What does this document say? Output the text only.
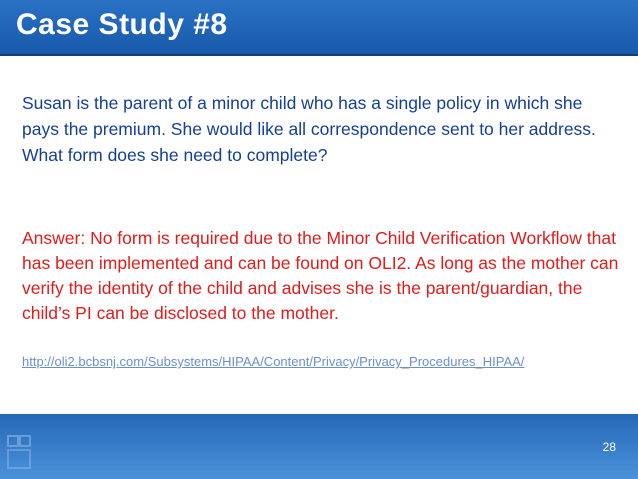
Case Study #8

Susan is the parent of a minor child who has a single policy in which she pays the premium. She would like all correspondence sent to her address. What form does she need to complete?

Answer: No form is required due to the Minor Child Verification Workflow that has been implemented and can be found on OLI2. As long as the mother can verify the identity of the child and advises she is the parent/guardian, the child’s PI can be disclosed to the mother.

http://oli2.bcbsnj.com/Subsystems/HIPAA/Content/Privacy/Privacy_Procedures_HIPAA/
28
